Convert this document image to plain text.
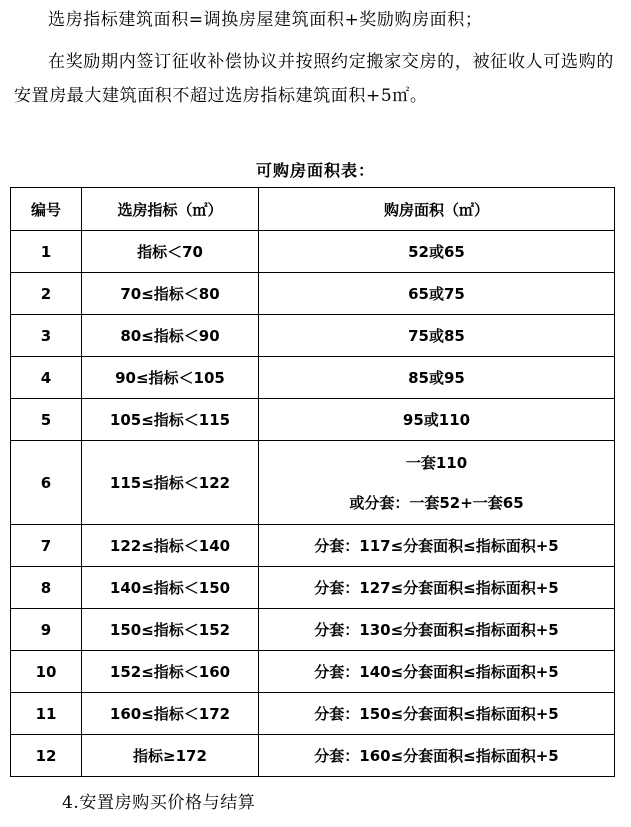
选房指标建筑面积=调换房屋建筑面积+奖励购房面积；
在奖励期内签订征收补偿协议并按照约定搬家交房的，被征收人可选购的安置房最大建筑面积不超过选房指标建筑面积+5㎡。
可购房面积表：
编号	选房指标（㎡）	购房面积（㎡）
1	指标＜70	52或65

2	70≤指标＜80	65或75

3	80≤指标＜90	75或85

4	90≤指标＜105	85或95

5	105≤指标＜115	95或110

6	115≤指标＜122	一套110
或分套：一套52+一套65

7	122≤指标＜140	分套：117≤分套面积≤指标面积+5

8	140≤指标＜150	分套：127≤分套面积≤指标面积+5

9	150≤指标＜152	分套：130≤分套面积≤指标面积+5

10	152≤指标＜160	分套：140≤分套面积≤指标面积+5

11	160≤指标＜172	分套：150≤分套面积≤指标面积+5

12	指标≥172	分套：160≤分套面积≤指标面积+5
4.安置房购买价格与结算
